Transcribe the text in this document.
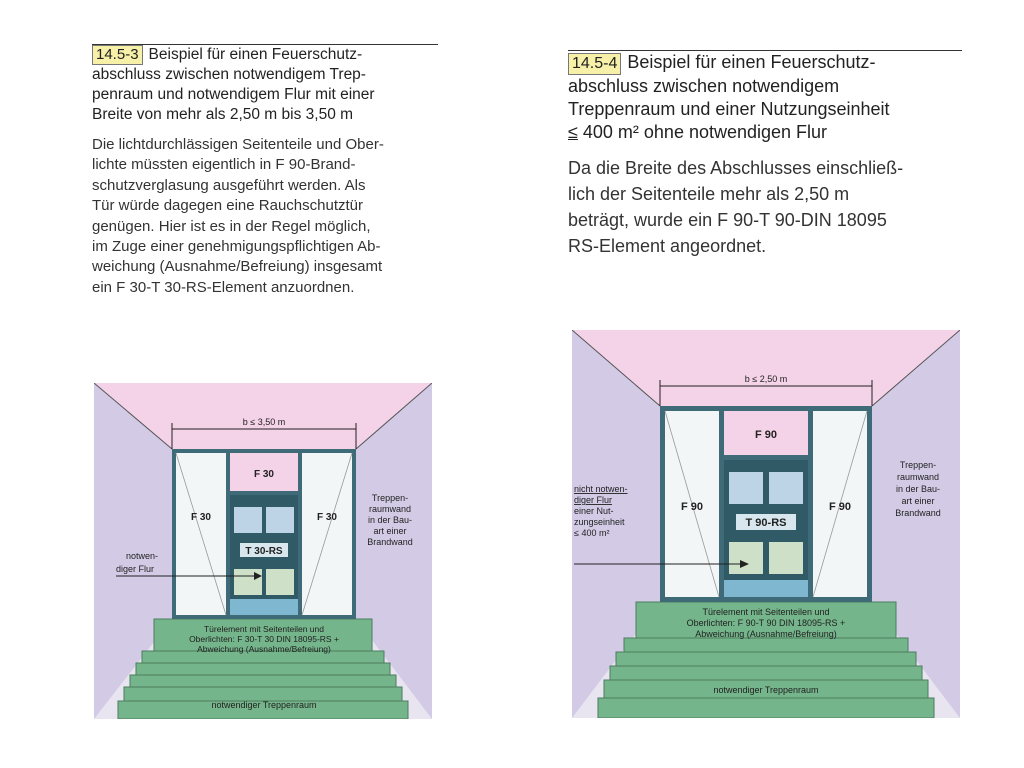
14.5-3 Beispiel für einen Feuerschutz-
abschluss zwischen notwendigem Trep-
penraum und notwendigem Flur mit einer
Breite von mehr als 2,50 m bis 3,50 m
Die lichtdurchlässigen Seitenteile und Ober-
lichte müssten eigentlich in F 90-Brand-
schutzverglasung ausgeführt werden. Als
Tür würde dagegen eine Rauchschutztür
genügen. Hier ist es in der Regel möglich,
im Zuge einer genehmigungspflichtigen Ab-
weichung (Ausnahme/Befreiung) insgesamt
ein F 30-T 30-RS-Element anzuordnen.
b ≤ 3,50 m
F 30
F 30	F 30
T 30-RS
notwen-
diger Flur
Treppen-
raumwand
in der Bau-
art einer
Brandwand
Türelement mit Seitenteilen und
Oberlichten: F 30-T 30 DIN 18095-RS +
Abweichung (Ausnahme/Befreiung)
notwendiger Treppenraum
14.5-4 Beispiel für einen Feuerschutz-
abschluss zwischen notwendigem
Treppenraum und einer Nutzungseinheit
≤ 400 m² ohne notwendigen Flur
Da die Breite des Abschlusses einschließ-
lich der Seitenteile mehr als 2,50 m
beträgt, wurde ein F 90-T 90-DIN 18095
RS-Element angeordnet.
b ≤ 2,50 m
F 90
F 90	F 90
T 90-RS
nicht notwen-
diger Flur
einer Nut-
zungseinheit
≤ 400 m²
Treppen-
raumwand
in der Bau-
art einer
Brandwand
Türelement mit Seitenteilen und
Oberlichten: F 90-T 90 DIN 18095-RS +
Abweichung (Ausnahme/Befreiung)
notwendiger Treppenraum
